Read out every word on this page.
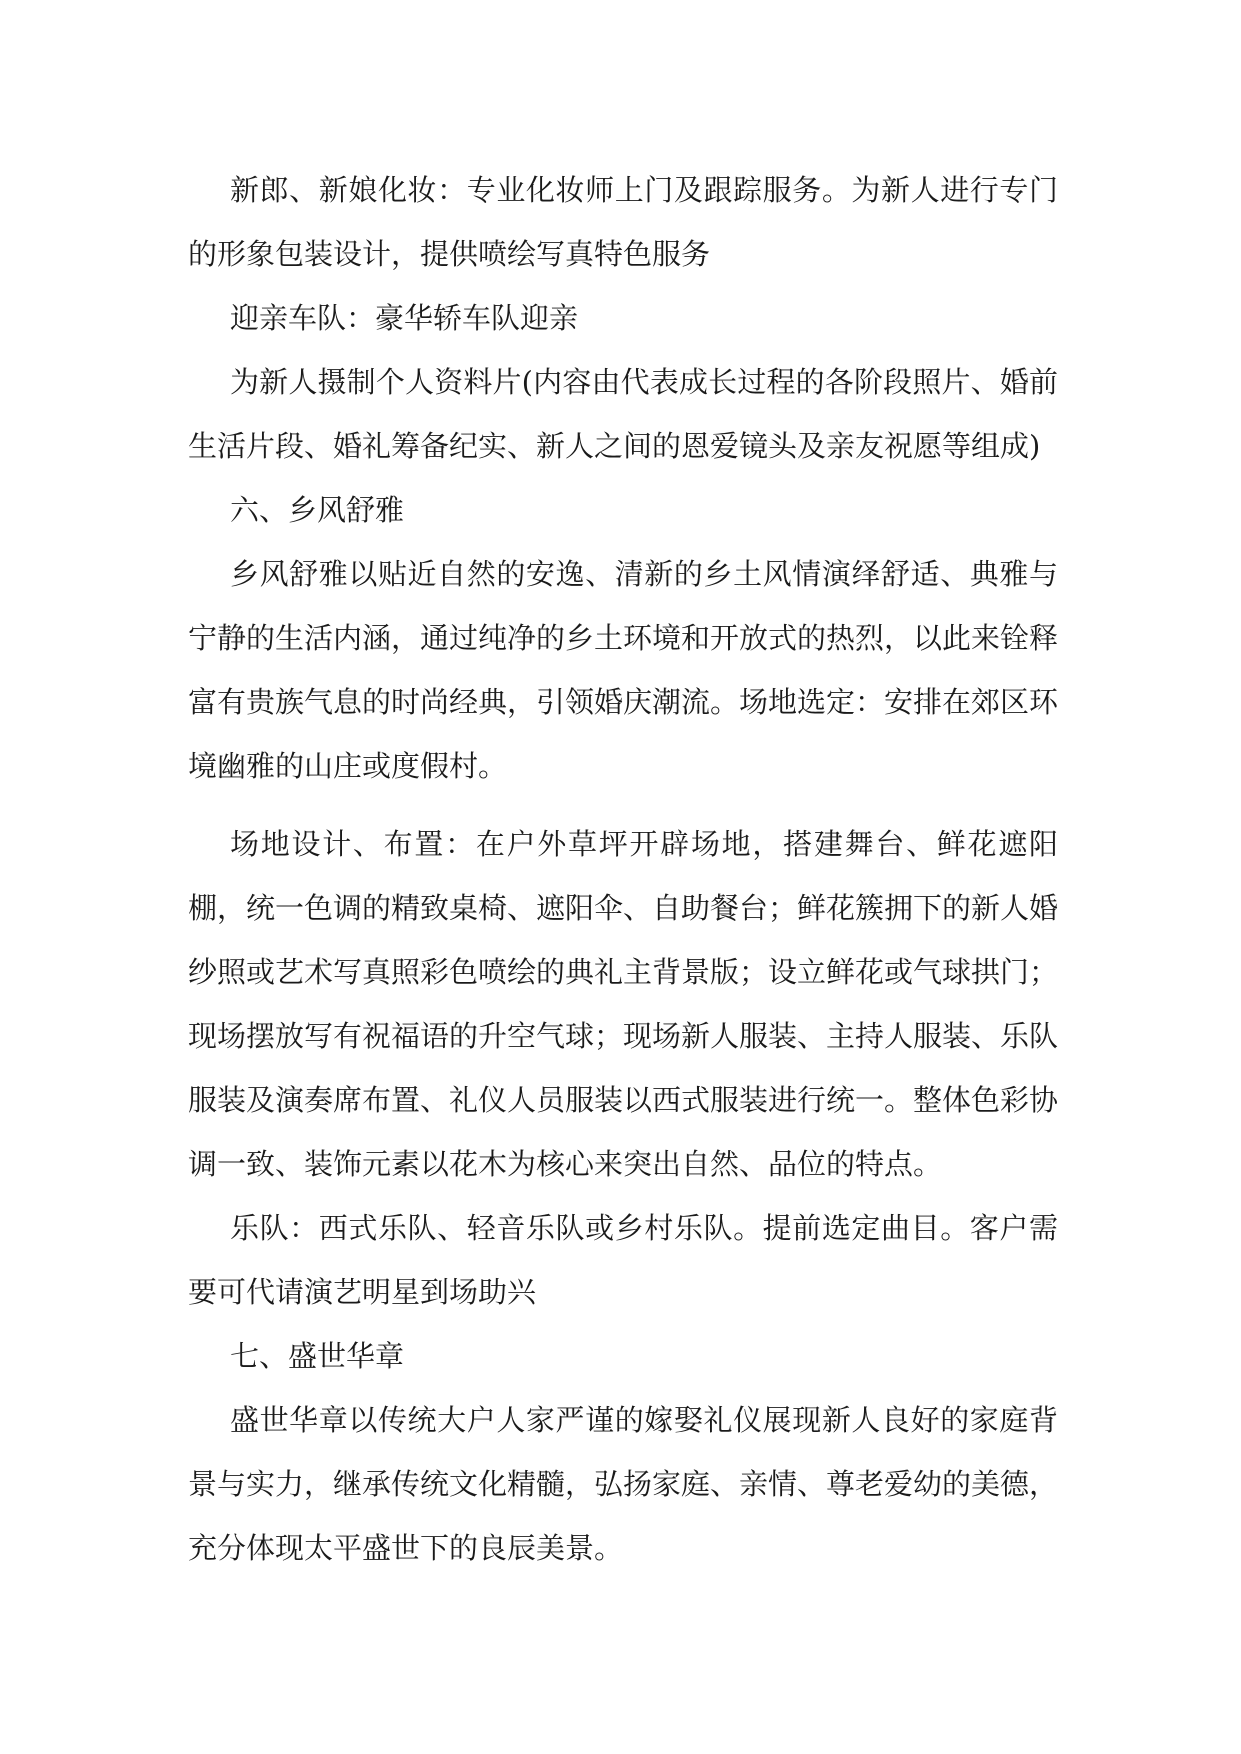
新郎、新娘化妆：专业化妆师上门及跟踪服务。为新人进行专门的形象包装设计，提供喷绘写真特色服务

迎亲车队：豪华轿车队迎亲

为新人摄制个人资料片(内容由代表成长过程的各阶段照片、婚前生活片段、婚礼筹备纪实、新人之间的恩爱镜头及亲友祝愿等组成)

六、乡风舒雅

乡风舒雅以贴近自然的安逸、清新的乡土风情演绎舒适、典雅与宁静的生活内涵，通过纯净的乡土环境和开放式的热烈，以此来铨释富有贵族气息的时尚经典，引领婚庆潮流。场地选定：安排在郊区环境幽雅的山庄或度假村。

场地设计、布置：在户外草坪开辟场地，搭建舞台、鲜花遮阳棚，统一色调的精致桌椅、遮阳伞、自助餐台；鲜花簇拥下的新人婚纱照或艺术写真照彩色喷绘的典礼主背景版；设立鲜花或气球拱门；现场摆放写有祝福语的升空气球；现场新人服装、主持人服装、乐队服装及演奏席布置、礼仪人员服装以西式服装进行统一。整体色彩协调一致、装饰元素以花木为核心来突出自然、品位的特点。

乐队：西式乐队、轻音乐队或乡村乐队。提前选定曲目。客户需要可代请演艺明星到场助兴

七、盛世华章

盛世华章以传统大户人家严谨的嫁娶礼仪展现新人良好的家庭背景与实力，继承传统文化精髓，弘扬家庭、亲情、尊老爱幼的美德，充分体现太平盛世下的良辰美景。
